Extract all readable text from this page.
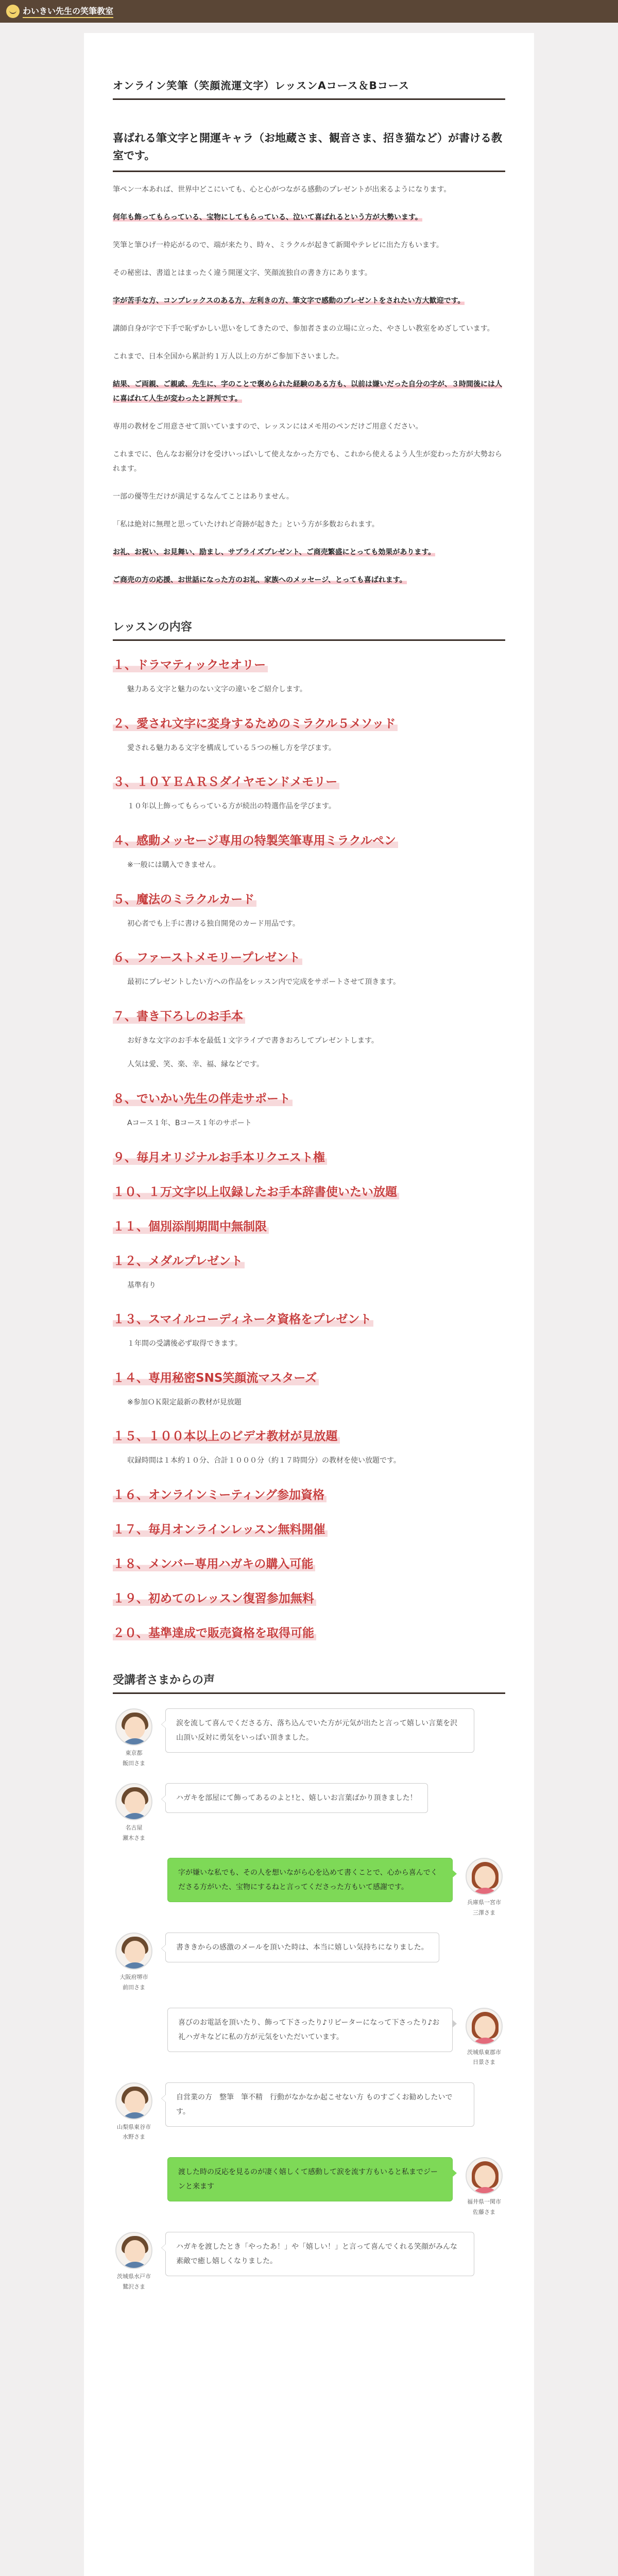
わいきい先生の笑筆教室
オンライン笑筆（笑顔流運文字）レッスンAコース＆Bコース
喜ばれる筆文字と開運キャラ（お地蔵さま、観音さま、招き猫など）が書ける教室です。

筆ペン一本あれば、世界中どこにいても、心と心がつながる感動のプレゼントが出来るようになります。

何年も飾ってもらっている、宝物にしてもらっている、泣いて喜ばれるという方が大勢います。

笑筆と筆ひげ一枠応がるので、端が来たり、時々、ミラクルが起きて新聞やテレビに出た方もいます。

その秘密は、書道とはまったく違う開運文字、笑顔流独自の書き方にあります。

字が苦手な方、コンプレックスのある方、左利きの方、筆文字で感動のプレゼントをされたい方大歓迎です。

講師自身が字で下手で恥ずかしい思いをしてきたので、参加者さまの立場に立った、やさしい教室をめざしています。

これまで、日本全国から累計約１万人以上の方がご参加下さいました。

結果、ご両親、ご親戚、先生に、字のことで褒められた経験のある方も、以前は嫌いだった自分の字が、３時間後には人に喜ばれて人生が変わったと評判です。

専用の教材をご用意させて頂いていますので、レッスンにはメモ用のペンだけご用意ください。

これまでに、色んなお裾分けを受けいっぱいして使えなかった方でも、これから使えるよう人生が変わった方が大勢おられます。

一部の優等生だけが満足するなんてことはありません。

「私は絶対に無理と思っていたけれど奇跡が起きた」という方が多数おられます。

お礼、お祝い、お見舞い、励まし、サプライズプレゼント、ご商売繁盛にとっても効果があります。

ご商売の方の応援、お世話になった方のお礼、家族へのメッセージ、とっても喜ばれます。

レッスンの内容
１、ドラマティックセオリー

魅力ある文字と魅力のない文字の違いをご紹介します。

２、愛され文字に変身するためのミラクル５メソッド

愛される魅力ある文字を構成している５つの極し方を学びます。

３、１０ＹＥＡＲＳダイヤモンドメモリー

１０年以上飾ってもらっている方が続出の特選作品を学びます。

４、感動メッセージ専用の特製笑筆専用ミラクルペン

※一般には購入できません。

５、魔法のミラクルカード

初心者でも上手に書ける独自開発のカード用品です。

６、ファーストメモリープレゼント

最初にプレゼントしたい方への作品をレッスン内で完成をサポートさせて頂きます。

７、書き下ろしのお手本

お好きな文字のお手本を最低１文字ライブで書きおろしてプレゼントします。

人気は愛、笑、楽、幸、福、縁などです。

８、でいかい先生の伴走サポート

Aコース１年、Bコース１年のサポート

９、毎月オリジナルお手本リクエスト権
１０、１万文字以上収録したお手本辞書使いたい放題
１１、個別添削期間中無制限
１２、メダルプレゼント

基準有り

１３、スマイルコーディネータ資格をプレゼント

１年間の受講後必ず取得できます。

１４、専用秘密SNS笑顔流マスターズ

※参加ＯＫ限定最新の教材が見放題

１５、１００本以上のビデオ教材が見放題

収録時間は１本約１０分、合計１０００分（約１７時間分）の教材を使い放題です。

１６、オンラインミーティング参加資格
１７、毎月オンラインレッスン無料開催
１８、メンバー専用ハガキの購入可能
１９、初めてのレッスン復習参加無料
２０、基準達成で販売資格を取得可能
受講者さまからの声
東京都
飯田さま
涙を流して喜んでくださる方、落ち込んでいた方が元気が出たと言って嬉しい言葉を沢山頂い反対に勇気をいっぱい頂きました。
名古屋
瀬木さま
ハガキを部屋にて飾ってあるのよと!と、嬉しいお言葉ばかり頂きました！
兵庫県一宮市
三澤さま
字が嫌いな私でも、その人を想いながら心を込めて書くことで、心から喜んでくださる方がいた、宝物にするねと言ってくださった方もいて感謝です。
大阪府堺市
前田さま
書ききからの感激のメールを頂いた時は、本当に嬉しい気持ちになりました。
茨城県東郡市
日景さま
喜びのお電話を頂いたり、飾って下さったり♪リピーターになって下さったり♪お礼ハガキなどに私の方が元気をいただいています。
山梨県東谷市
水野さま
自営業の方　整筆　筆不精　行動がなかなか起こせない方 ものすごくお勧めしたいです。
福井県一関市
佐藤さま
渡した時の反応を見るのが凄く嬉しくて感動して涙を流す方もいると私までジーンと来ます
茨城県水戸市
鷲沢さま
ハガキを渡したとき「やったあ！」や「嬉しい！」と言って喜んでくれる笑顔がみんな素敵で癒し嬉しくなりました。
